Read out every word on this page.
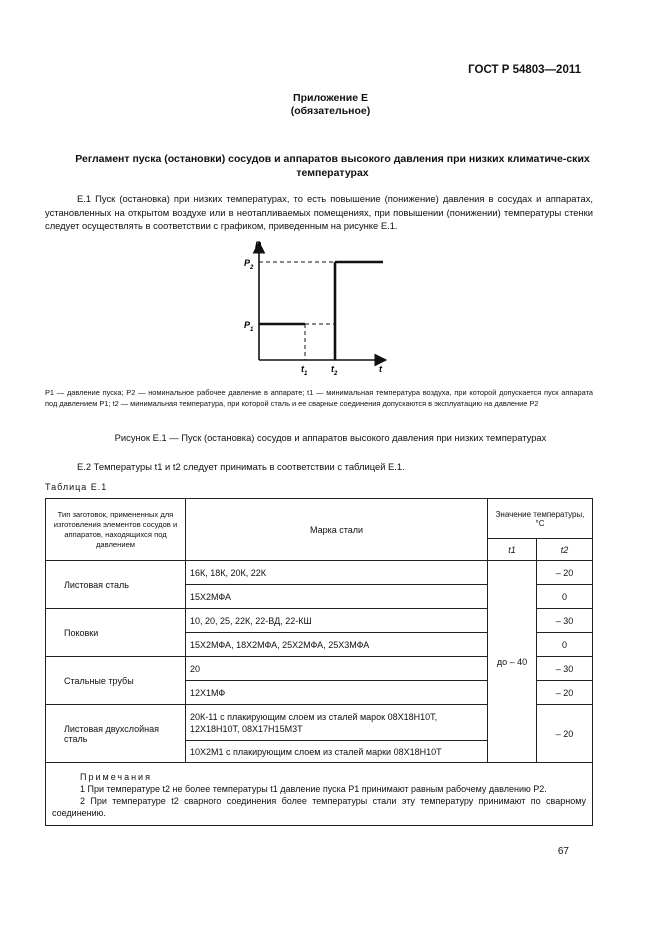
ГОСТ Р 54803—2011
Приложение Е
(обязательное)
Регламент пуска (остановки) сосудов и аппаратов высокого давления при низких климатиче-ских температурах
Е.1 Пуск (остановка) при низких температурах, то есть повышение (понижение) давления в сосудах и аппаратах, установленных на открытом воздухе или в неотапливаемых помещениях, при повышении (понижении) температуры стенки следует осуществлять в соответствии с графиком, приведенным на рисунке Е.1.
P
t
$P_2$
$P_1$
$t_1$	$t_2$
P1 — давление пуска; P2 — номинальное рабочее давление в аппарате; t1 — минимальная температура воздуха, при которой допускается пуск аппарата под давлением P1; t2 — минимальная температура, при которой сталь и ее сварные соединения допускаются в эксплуатацию на давление P2
Рисунок Е.1 — Пуск (остановка) сосудов и аппаратов высокого давления при низких температурах
Е.2 Температуры t1 и t2 следует принимать в соответствии с таблицей Е.1.
Таблица Е.1
Тип заготовок, примененных для изготовления элементов сосудов и аппаратов, находящихся под давлением	Марка стали	Значение температуры, °С	
		t1	t2
Листовая сталь	16К, 18К, 20К, 22К	до – 40	– 20
	15Х2МФА		0
Поковки	10, 20, 25, 22К, 22-ВД, 22-КШ		– 30
	15Х2МФА, 18Х2МФА, 25Х2МФА, 25Х3МФА		0
Стальные трубы	20		– 30
	12Х1МФ		– 20
Листовая двухслойная сталь	20К-11 с плакирующим слоем из сталей марок 08Х18Н10Т, 12Х18Н10Т, 08Х17Н15М3Т		– 20
	10Х2М1 с плакирующим слоем из сталей марки 08Х18Н10Т		

Примечания
1 При температуре t2 не более температуры t1 давление пуска P1 принимают равным рабочему давлению P2.
2 При температуре t2 сварного соединения более температуры стали эту температуру принимают по сварному соединению.			
67
